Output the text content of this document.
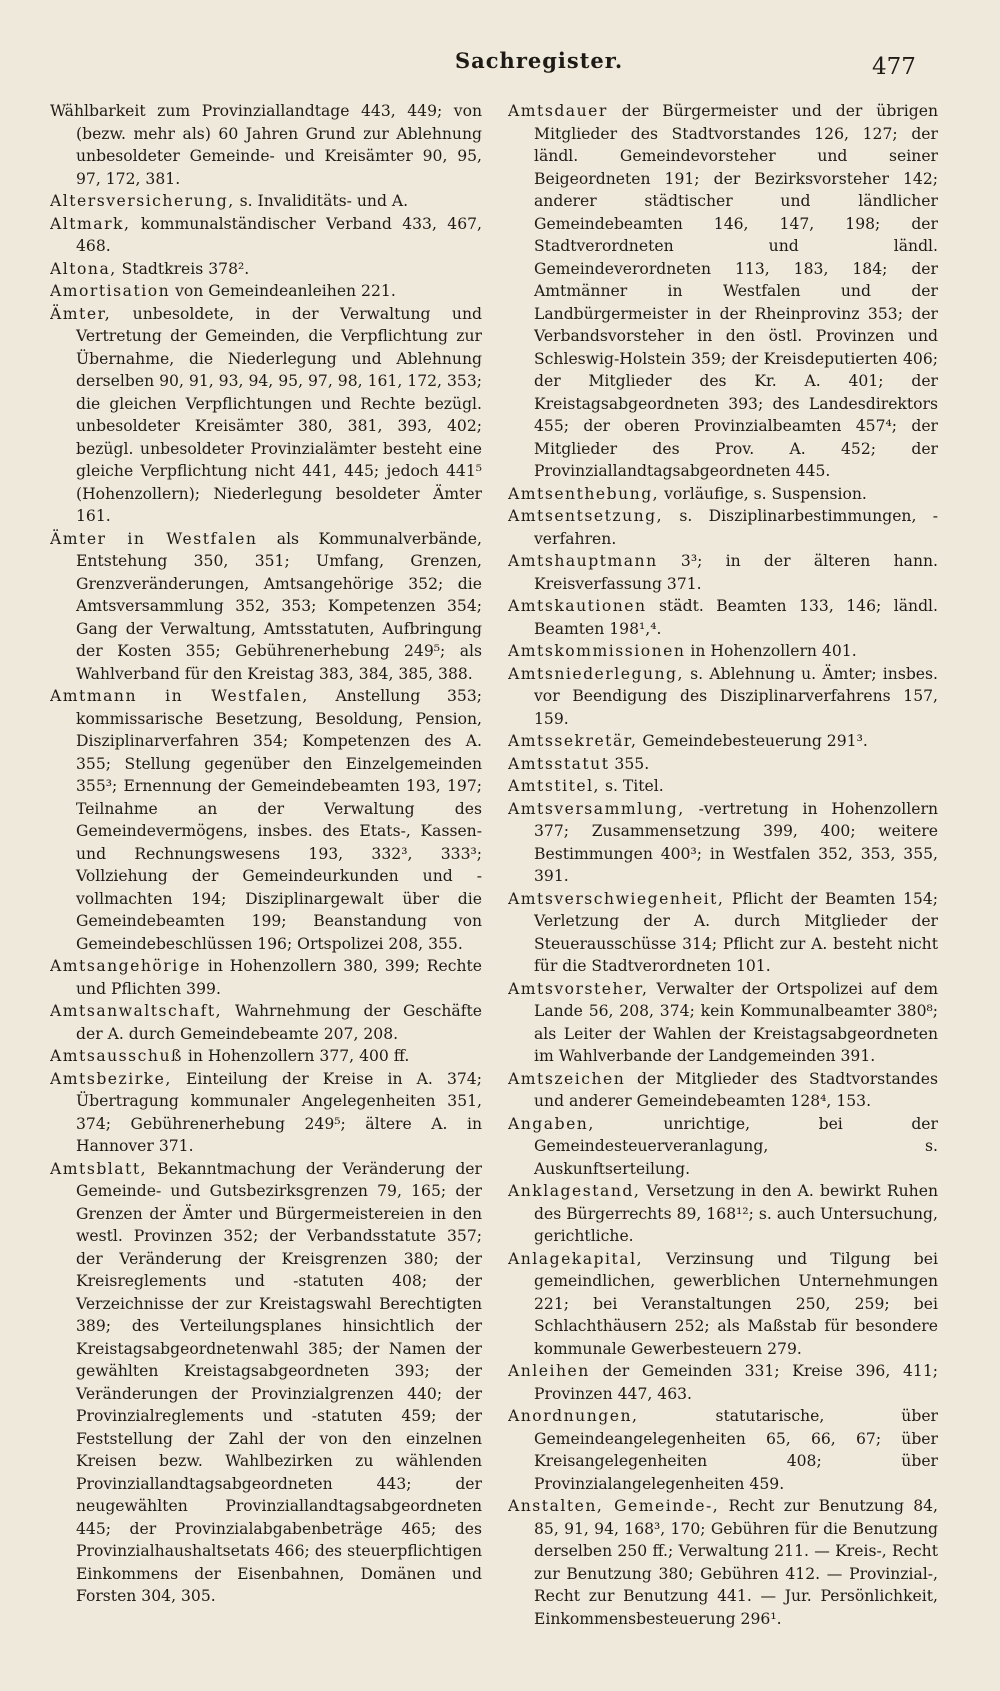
Sachregister.	477

Wählbarkeit zum Provinziallandtage 443, 449; von (bezw. mehr als) 60 Jahren Grund zur Ablehnung unbesoldeter Gemeinde- und Kreisämter 90, 95, 97, 172, 381.

Altersversicherung, s. Invaliditäts- und A.

Altmark, kommunalständischer Verband 433, 467, 468.

Altona, Stadtkreis 378².

Amortisation von Gemeindeanleihen 221.

Ämter, unbesoldete, in der Verwaltung und Vertretung der Gemeinden, die Verpflichtung zur Übernahme, die Niederlegung und Ablehnung derselben 90, 91, 93, 94, 95, 97, 98, 161, 172, 353; die gleichen Verpflichtungen und Rechte bezügl. unbesoldeter Kreisämter 380, 381, 393, 402; bezügl. unbesoldeter Provinzialämter besteht eine gleiche Verpflichtung nicht 441, 445; jedoch 441⁵ (Hohenzollern); Niederlegung besoldeter Ämter 161.

Ämter in Westfalen als Kommunalverbände, Entstehung 350, 351; Umfang, Grenzen, Grenzveränderungen, Amtsangehörige 352; die Amtsversammlung 352, 353; Kompetenzen 354; Gang der Verwaltung, Amtsstatuten, Aufbringung der Kosten 355; Gebührenerhebung 249⁵; als Wahlverband für den Kreistag 383, 384, 385, 388.

Amtmann in Westfalen, Anstellung 353; kommissarische Besetzung, Besoldung, Pension, Disziplinarverfahren 354; Kompetenzen des A. 355; Stellung gegenüber den Einzelgemeinden 355³; Ernennung der Gemeindebeamten 193, 197; Teilnahme an der Verwaltung des Gemeindevermögens, insbes. des Etats-, Kassen- und Rechnungswesens 193, 332³, 333³; Vollziehung der Gemeindeurkunden und -vollmachten 194; Disziplinargewalt über die Gemeindebeamten 199; Beanstandung von Gemeindebeschlüssen 196; Ortspolizei 208, 355.

Amtsangehörige in Hohenzollern 380, 399; Rechte und Pflichten 399.

Amtsanwaltschaft, Wahrnehmung der Geschäfte der A. durch Gemeindebeamte 207, 208.

Amtsausschuß in Hohenzollern 377, 400 ff.

Amtsbezirke, Einteilung der Kreise in A. 374; Übertragung kommunaler Angelegenheiten 351, 374; Gebührenerhebung 249⁵; ältere A. in Hannover 371.

Amtsblatt, Bekanntmachung der Veränderung der Gemeinde- und Gutsbezirksgrenzen 79, 165; der Grenzen der Ämter und Bürgermeistereien in den westl. Provinzen 352; der Verbandsstatute 357; der Veränderung der Kreisgrenzen 380; der Kreisreglements und -statuten 408; der Verzeichnisse der zur Kreistagswahl Berechtigten 389; des Verteilungsplanes hinsichtlich der Kreistagsabgeordnetenwahl 385; der Namen der gewählten Kreistagsabgeordneten 393; der Veränderungen der Provinzialgrenzen 440; der Provinzialreglements und -statuten 459; der Feststellung der Zahl der von den einzelnen Kreisen bezw. Wahlbezirken zu wählenden Provinziallandtagsabgeordneten 443; der neugewählten Provinziallandtagsabgeordneten 445; der Provinzialabgabenbeträge 465; des Provinzialhaushaltsetats 466; des steuerpflichtigen Einkommens der Eisenbahnen, Domänen und Forsten 304, 305.

Amtsdauer der Bürgermeister und der übrigen Mitglieder des Stadtvorstandes 126, 127; der ländl. Gemeindevorsteher und seiner Beigeordneten 191; der Bezirksvorsteher 142; anderer städtischer und ländlicher Gemeindebeamten 146, 147, 198; der Stadtverordneten und ländl. Gemeindeverordneten 113, 183, 184; der Amtmänner in Westfalen und der Landbürgermeister in der Rheinprovinz 353; der Verbandsvorsteher in den östl. Provinzen und Schleswig-Holstein 359; der Kreisdeputierten 406; der Mitglieder des Kr. A. 401; der Kreistagsabgeordneten 393; des Landesdirektors 455; der oberen Provinzialbeamten 457⁴; der Mitglieder des Prov. A. 452; der Provinziallandtagsabgeordneten 445.

Amtsenthebung, vorläufige, s. Suspension.

Amtsentsetzung, s. Disziplinarbestimmungen, -verfahren.

Amtshauptmann 3³; in der älteren hann. Kreisverfassung 371.

Amtskautionen städt. Beamten 133, 146; ländl. Beamten 198¹,⁴.

Amtskommissionen in Hohenzollern 401.

Amtsniederlegung, s. Ablehnung u. Ämter; insbes. vor Beendigung des Disziplinarverfahrens 157, 159.

Amtssekretär, Gemeindebesteuerung 291³.

Amtsstatut 355.

Amtstitel, s. Titel.

Amtsversammlung, -vertretung in Hohenzollern 377; Zusammensetzung 399, 400; weitere Bestimmungen 400³; in Westfalen 352, 353, 355, 391.

Amtsverschwiegenheit, Pflicht der Beamten 154; Verletzung der A. durch Mitglieder der Steuerausschüsse 314; Pflicht zur A. besteht nicht für die Stadtverordneten 101.

Amtsvorsteher, Verwalter der Ortspolizei auf dem Lande 56, 208, 374; kein Kommunalbeamter 380⁸; als Leiter der Wahlen der Kreistagsabgeordneten im Wahlverbande der Landgemeinden 391.

Amtszeichen der Mitglieder des Stadtvorstandes und anderer Gemeindebeamten 128⁴, 153.

Angaben, unrichtige, bei der Gemeindesteuerveranlagung, s. Auskunftserteilung.

Anklagestand, Versetzung in den A. bewirkt Ruhen des Bürgerrechts 89, 168¹²; s. auch Untersuchung, gerichtliche.

Anlagekapital, Verzinsung und Tilgung bei gemeindlichen, gewerblichen Unternehmungen 221; bei Veranstaltungen 250, 259; bei Schlachthäusern 252; als Maßstab für besondere kommunale Gewerbesteuern 279.

Anleihen der Gemeinden 331; Kreise 396, 411; Provinzen 447, 463.

Anordnungen, statutarische, über Gemeindeangelegenheiten 65, 66, 67; über Kreisangelegenheiten 408; über Provinzialangelegenheiten 459.

Anstalten, Gemeinde-, Recht zur Benutzung 84, 85, 91, 94, 168³, 170; Gebühren für die Benutzung derselben 250 ff.; Verwaltung 211. — Kreis-, Recht zur Benutzung 380; Gebühren 412. — Provinzial-, Recht zur Benutzung 441. — Jur. Persönlichkeit, Einkommensbesteuerung 296¹.
